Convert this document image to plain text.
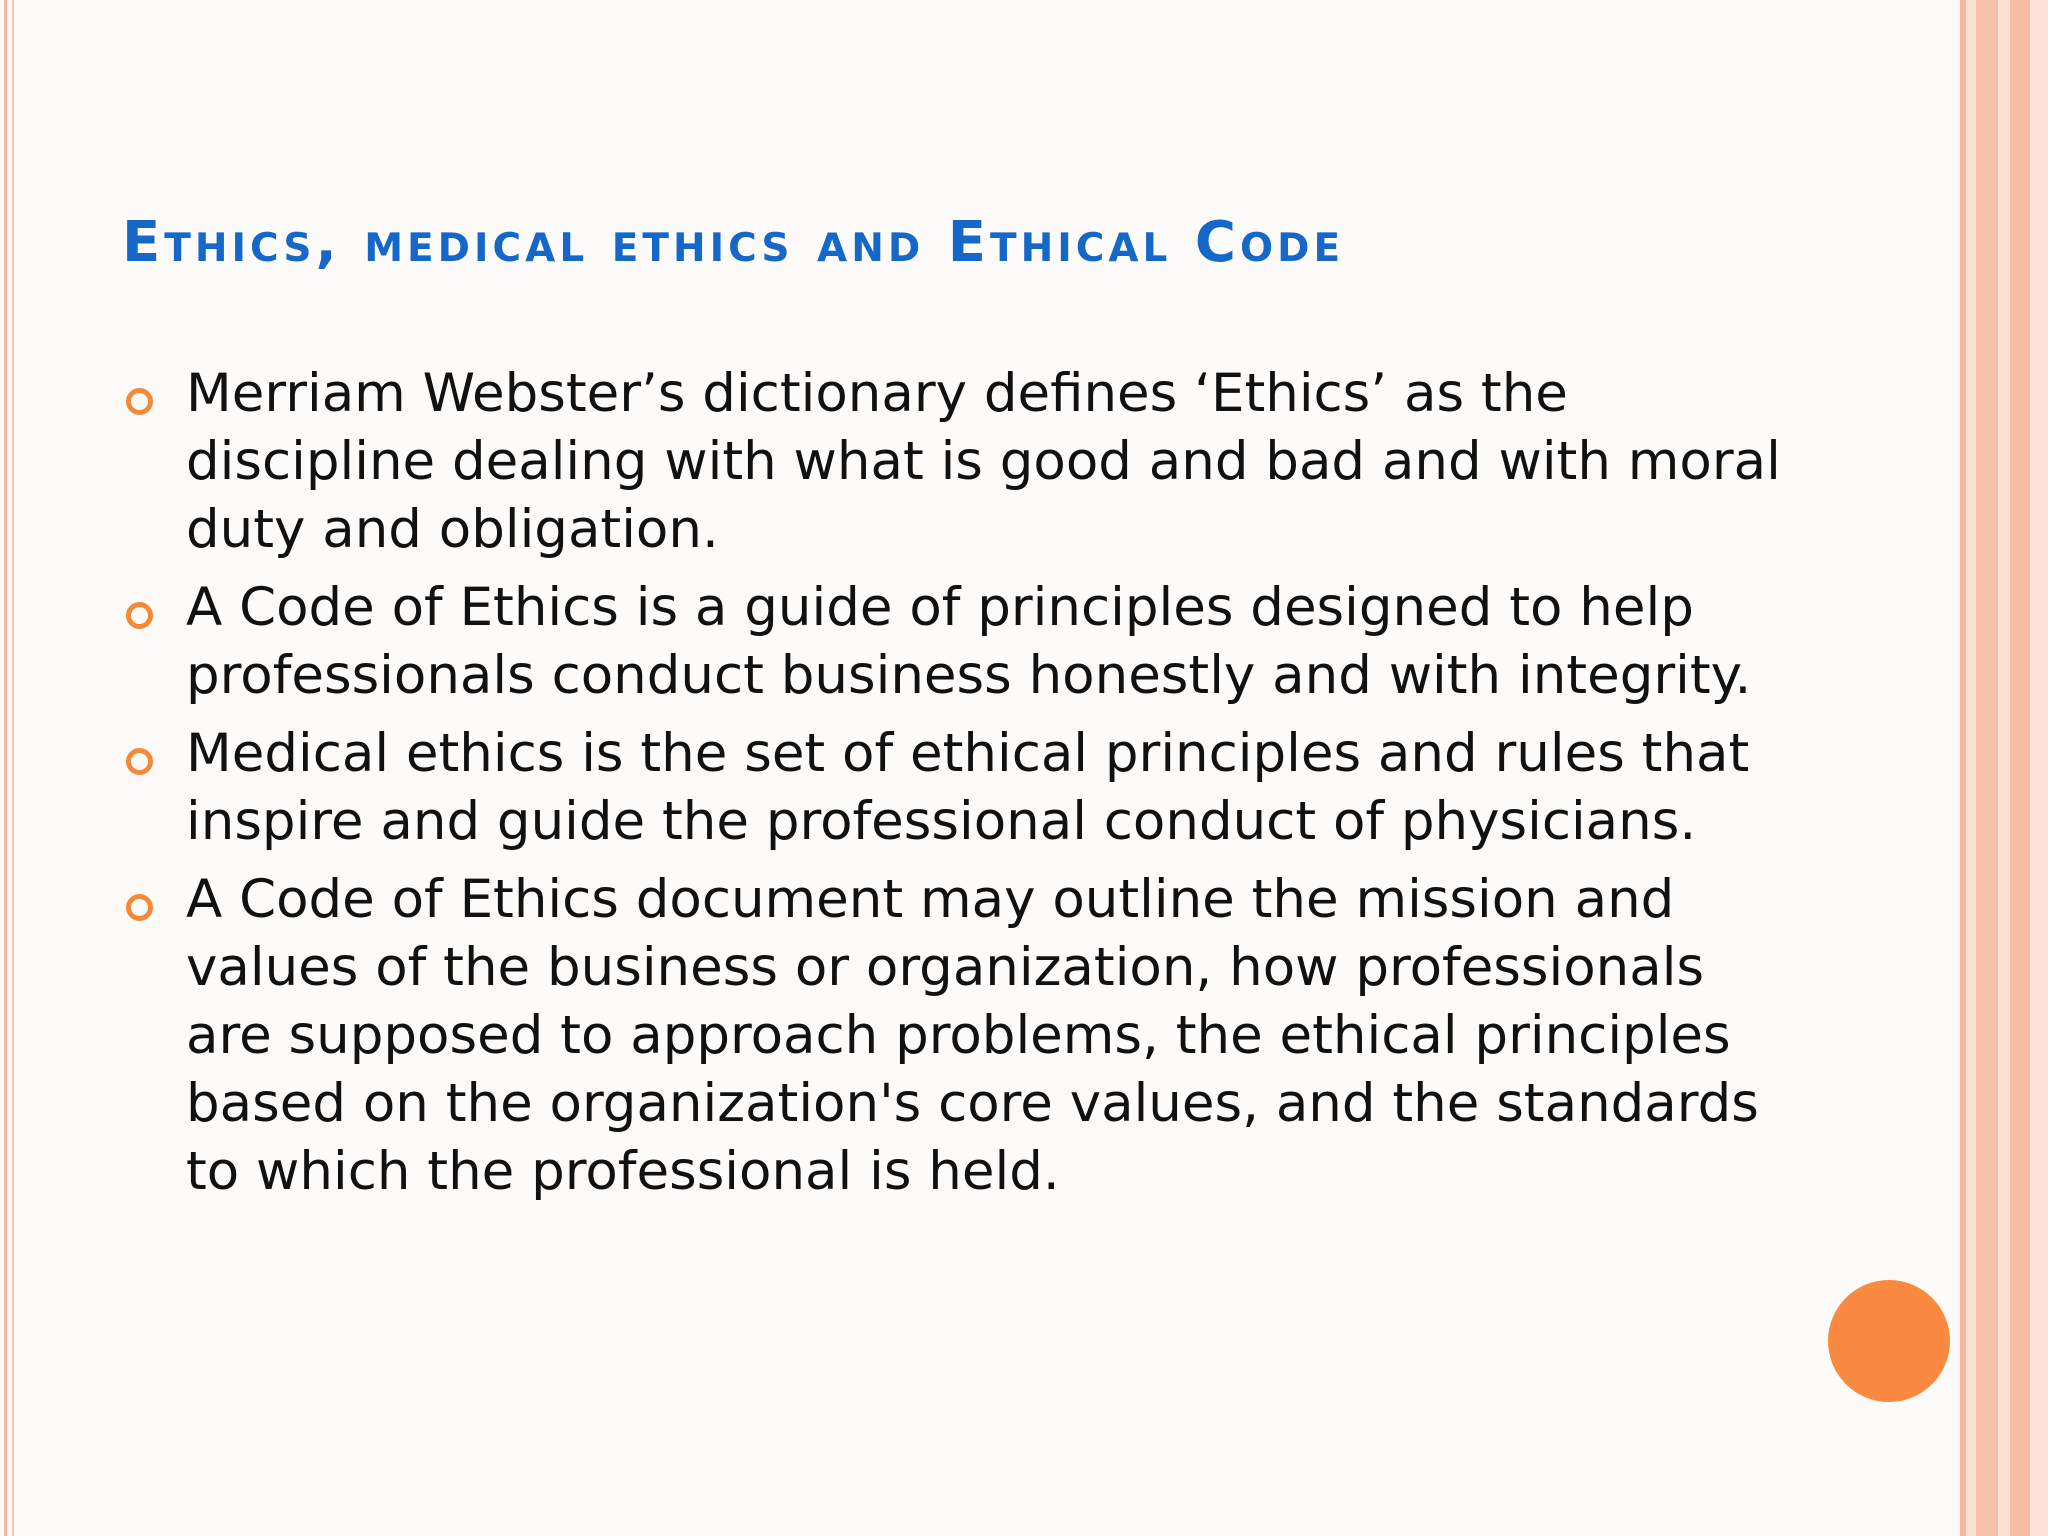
Ethics, medical ethics and Ethical Code
Merriam Webster’s dictionary defines ‘Ethics’ as the discipline dealing with what is good and bad and with moral duty and obligation.
A Code of Ethics is a guide of principles designed to help professionals conduct business honestly and with integrity.
Medical ethics is the set of ethical principles and rules that inspire and guide the professional conduct of physicians.
A Code of Ethics document may outline the mission and values of the business or organization, how professionals are supposed to approach problems, the ethical principles based on the organization's core values, and the standards to which the professional is held.
